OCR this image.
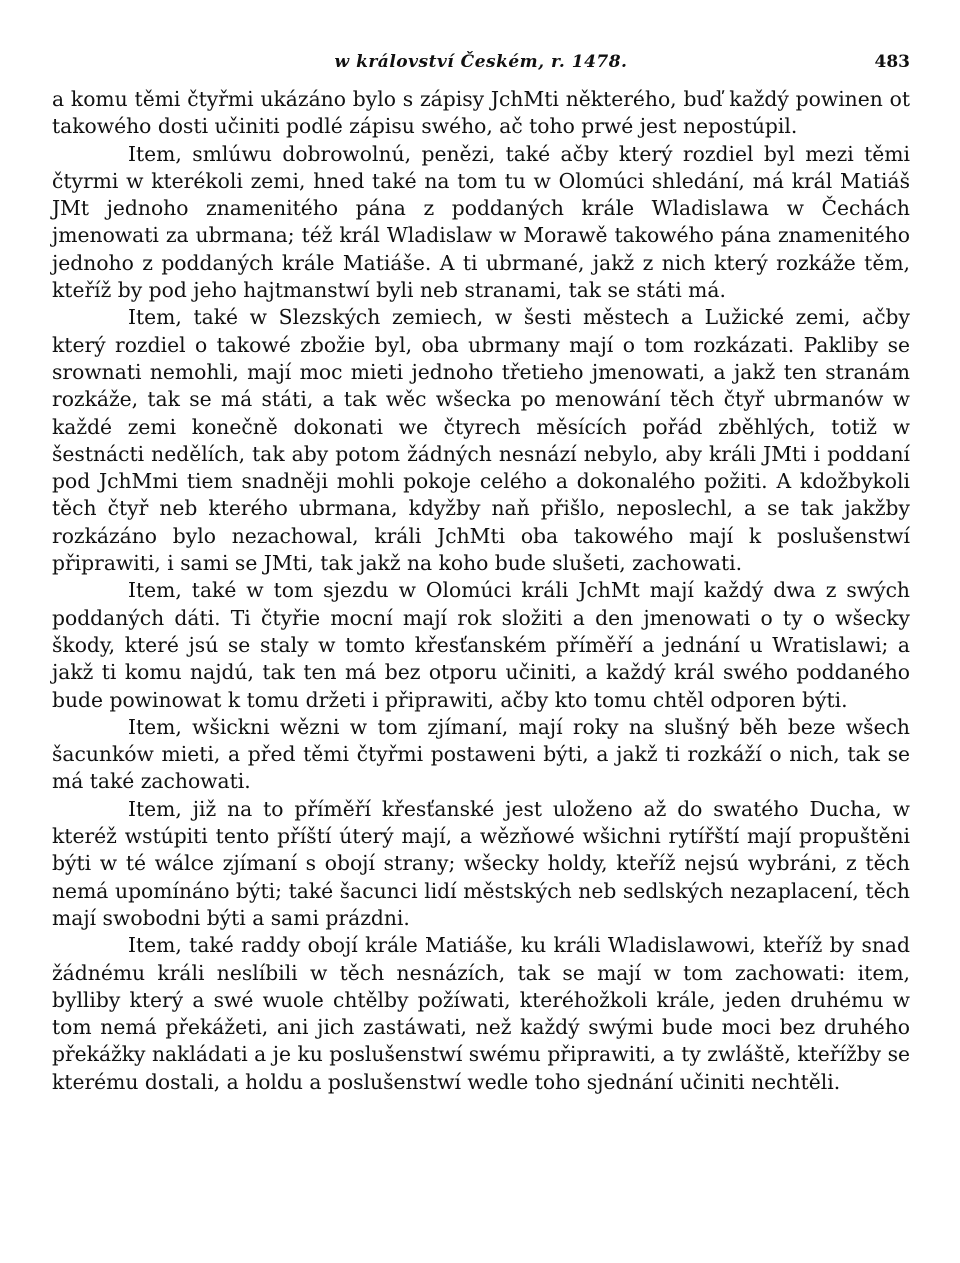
w království Českém, r. 1478.	483

a komu těmi čtyřmi ukázáno bylo s zápisy JchMti některého, buď každý powinen ot takowého dosti učiniti podlé zápisu swého, ač toho prwé jest nepostúpil.

Item, smlúwu dobrowolnú, penězi, také ačby který rozdiel byl mezi těmi čtyrmi w kterékoli zemi, hned také na tom tu w Olomúci shledání, má král Matiáš JMt jednoho znamenitého pána z poddaných krále Wladislawa w Čechách jmenowati za ubrmana; též král Wladislaw w Morawě takowého pána znamenitého jednoho z poddaných krále Matiáše. A ti ubrmané, jakž z nich který rozkáže těm, kteříž by pod jeho hajtmanstwí byli neb stranami, tak se státi má.

Item, také w Slezských zemiech, w šesti městech a Lužické zemi, ačby který rozdiel o takowé zbožie byl, oba ubrmany mají o tom rozkázati. Pakliby se srownati nemohli, mají moc mieti jednoho třetieho jmenowati, a jakž ten stranám rozkáže, tak se má státi, a tak wěc wšecka po menowání těch čtyř ubrmanów w každé zemi konečně dokonati we čtyrech měsících pořád zběhlých, totiž w šestnácti nedělích, tak aby potom žádných nesnází nebylo, aby králi JMti i poddaní pod JchMmi tiem snadněji mohli pokoje celého a dokonalého požiti. A kdožbykoli těch čtyř neb kterého ubrmana, kdyžby naň přišlo, neposlechl, a se tak jakžby rozkázáno bylo nezachowal, králi JchMti oba takowého mají k poslušenstwí připrawiti, i sami se JMti, tak jakž na koho bude slušeti, zachowati.

Item, také w tom sjezdu w Olomúci králi JchMt mají každý dwa z swých poddaných dáti. Ti čtyřie mocní mají rok složiti a den jmenowati o ty o wšecky škody, které jsú se staly w tomto křesťanském příměří a jednání u Wratislawi; a jakž ti komu najdú, tak ten má bez otporu učiniti, a každý král swého poddaného bude powinowat k tomu držeti i připrawiti, ačby kto tomu chtěl odporen býti.

Item, wšickni wězni w tom zjímaní, mají roky na slušný běh beze wšech šacunków mieti, a před těmi čtyřmi postaweni býti, a jakž ti rozkáží o nich, tak se má také zachowati.

Item, již na to příměří křesťanské jest uloženo až do swatého Ducha, w kteréž wstúpiti tento příští úterý mají, a wězňowé wšichni rytířští mají propuštěni býti w té wálce zjímaní s obojí strany; wšecky holdy, kteříž nejsú wybráni, z těch nemá upomínáno býti; také šacunci lidí městských neb sedlských nezaplacení, těch mají swobodni býti a sami prázdni.

Item, také raddy obojí krále Matiáše, ku králi Wladislawowi, kteříž by snad žádnému králi neslíbili w těch nesnázích, tak se mají w tom zachowati: item, bylliby který a swé wuole chtělby požíwati, kteréhožkoli krále, jeden druhému w tom nemá překážeti, ani jich zastáwati, než každý swými bude moci bez druhého překážky nakládati a je ku poslušenstwí swému připrawiti, a ty zwláště, kteřížby se kterému dostali, a holdu a poslušenstwí wedle toho sjednání učiniti nechtěli.
